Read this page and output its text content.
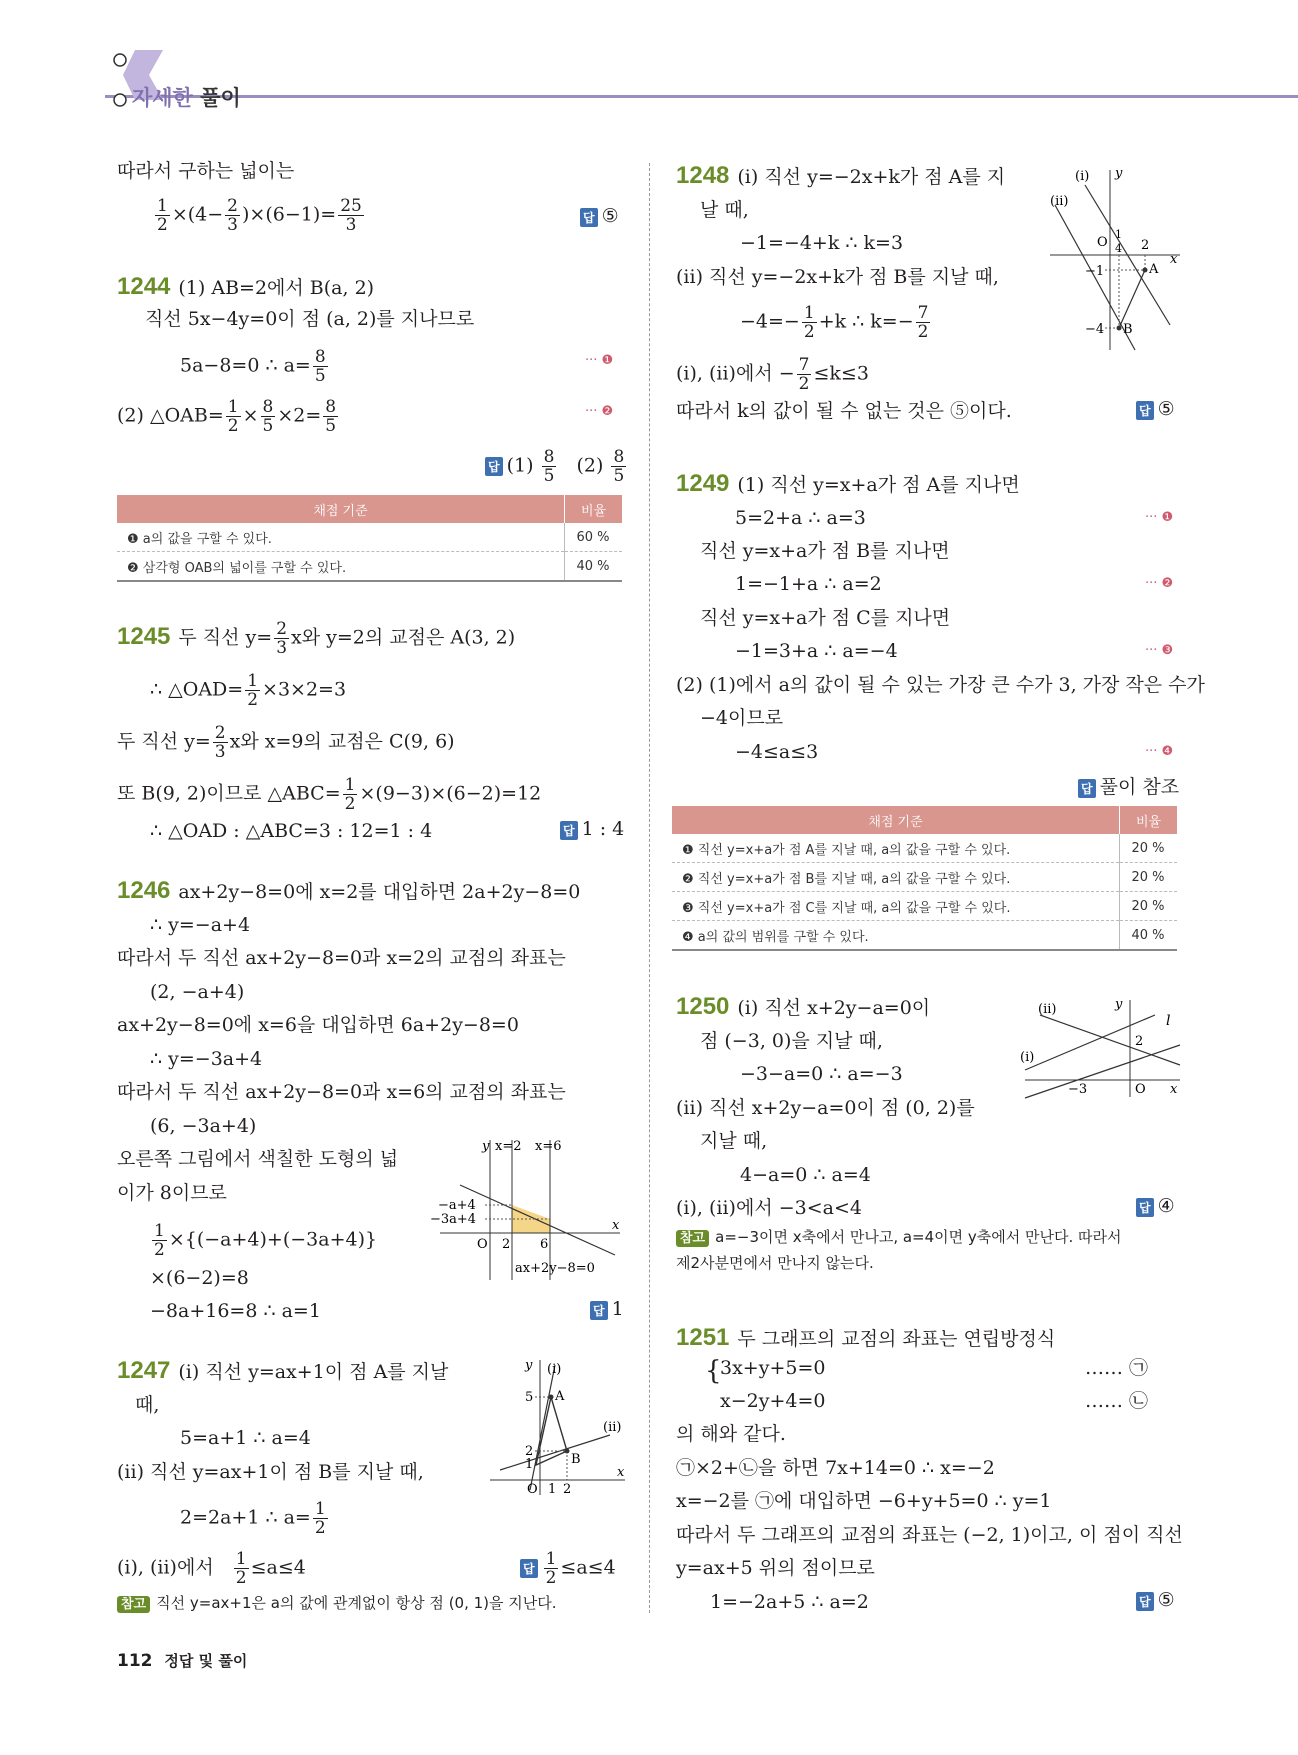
자세한 풀이
따라서 구하는 넓이는
$\frac{1}{2} \times(4- \frac{2}{3} )\times(6-1)= \frac{25}{3}$	답 ⑤
1244 (1) AB=2에서 B(a, 2)
직선 5x−4y=0이 점 (a, 2)를 지나므로
5a−8=0 ∴ $a= \frac{8}{5}$	··· ❶
(2) △OAB= $\frac{1}{2} \times \frac{8}{5} \times 2= \frac{8}{5}$	··· ❷
답 $(1) \frac{8}{5} (2) \frac{8}{5}$
채점 기준	비율
❶ a의 값을 구할 수 있다.	60 %
❷ 삼각형 OAB의 넓이를 구할 수 있다.	40 %
1245 두 직선 $y= \frac{2}{3}$ x와 y=2의 교점은 A(3, 2)
∴ △OAD= $\frac{1}{2} \times 3\times 2=3$
두 직선 $y= \frac{2}{3}$ x와 x=9의 교점은 C(9, 6)
또 B(9, 2)이므로 △ABC= $\frac{1}{2} \times(9-3)\times(6-2)=12$
∴ △OAD : △ABC=3 : 12=1 : 4	답 1 : 4
1246 ax+2y−8=0에 x=2를 대입하면 2a+2y−8=0
∴ y=−a+4
따라서 두 직선 ax+2y−8=0과 x=2의 교점의 좌표는
(2, −a+4)
ax+2y−8=0에 x=6을 대입하면 6a+2y−8=0
∴ y=−3a+4
따라서 두 직선 ax+2y−8=0과 x=6의 교점의 좌표는
(6, −3a+4)
오른쪽 그림에서 색칠한 도형의 넓
이가 8이므로
$\frac{1}{2} \times\{(-a+4)+(-3a+4)\}$
×(6−2)=8
−8a+16=8 ∴ a=1	답 1
y x=2 x=6
x
O 2 6
−a+4
−3a+4
ax+2y−8=0
1247 (i) 직선 y=ax+1이 점 A를 지날
때,
5=a+1 ∴ a=4
(ii) 직선 y=ax+1이 점 B를 지날 때,
2=2a+1 ∴ $a= \frac{1}{2}$
(i), (ii)에서 $\frac{1}{2} \le a\le 4$	답 $\frac{1}{2} \le a\le 4$
참고 직선 y=ax+1은 a의 값에 관계없이 항상 점 (0, 1)을 지난다.
y (i)
(ii)
x
O
A
B
5
2
1
1 2
1248 (i) 직선 y=−2x+k가 점 A를 지
날 때,
−1=−4+k ∴ k=3
(ii) 직선 y=−2x+k가 점 B를 지날 때,
$-4=- \frac{1}{2} +k$ ∴ $k=- \frac{7}{2}$
(i), (ii)에서 − $\frac{7}{2} \le k\le 3$
따라서 k의 값이 될 수 없는 것은 ⑤이다.	답 ⑤
(i) y
(ii)
x
O
1
4 2
−1
−4
A
B
1249 (1) 직선 y=x+a가 점 A를 지나면
5=2+a ∴ a=3	··· ❶
직선 y=x+a가 점 B를 지나면
1=−1+a ∴ a=2	··· ❷
직선 y=x+a가 점 C를 지나면
−1=3+a ∴ a=−4	··· ❸
(2) (1)에서 a의 값이 될 수 있는 가장 큰 수가 3, 가장 작은 수가
−4이므로
−4≤a≤3	··· ❹
답 풀이 참조
채점 기준	비율
❶ 직선 y=x+a가 점 A를 지날 때, a의 값을 구할 수 있다.	20 %
❷ 직선 y=x+a가 점 B를 지날 때, a의 값을 구할 수 있다.	20 %
❸ 직선 y=x+a가 점 C를 지날 때, a의 값을 구할 수 있다.	20 %
❹ a의 값의 범위를 구할 수 있다.	40 %
1250 (i) 직선 x+2y−a=0이
점 (−3, 0)을 지날 때,
−3−a=0 ∴ a=−3
(ii) 직선 x+2y−a=0이 점 (0, 2)를
지날 때,
4−a=0 ∴ a=4
(i), (ii)에서 −3<a<4	답 ④
참고 a=−3이면 x축에서 만나고, a=4이면 y축에서 만난다. 따라서
제2사분면에서 만나지 않는다.
(ii)
(i)
y
l
2
−3	O x
1251 두 그래프의 교점의 좌표는 연립방정식
{
3x+y+5=0	…… ㉠
x−2y+4=0	…… ㉡
의 해와 같다.
㉠×2+㉡을 하면 7x+14=0 ∴ x=−2
x=−2를 ㉠에 대입하면 −6+y+5=0 ∴ y=1
따라서 두 그래프의 교점의 좌표는 (−2, 1)이고, 이 점이 직선
y=ax+5 위의 점이므로
1=−2a+5 ∴ a=2	답 ⑤
112 정답 및 풀이
